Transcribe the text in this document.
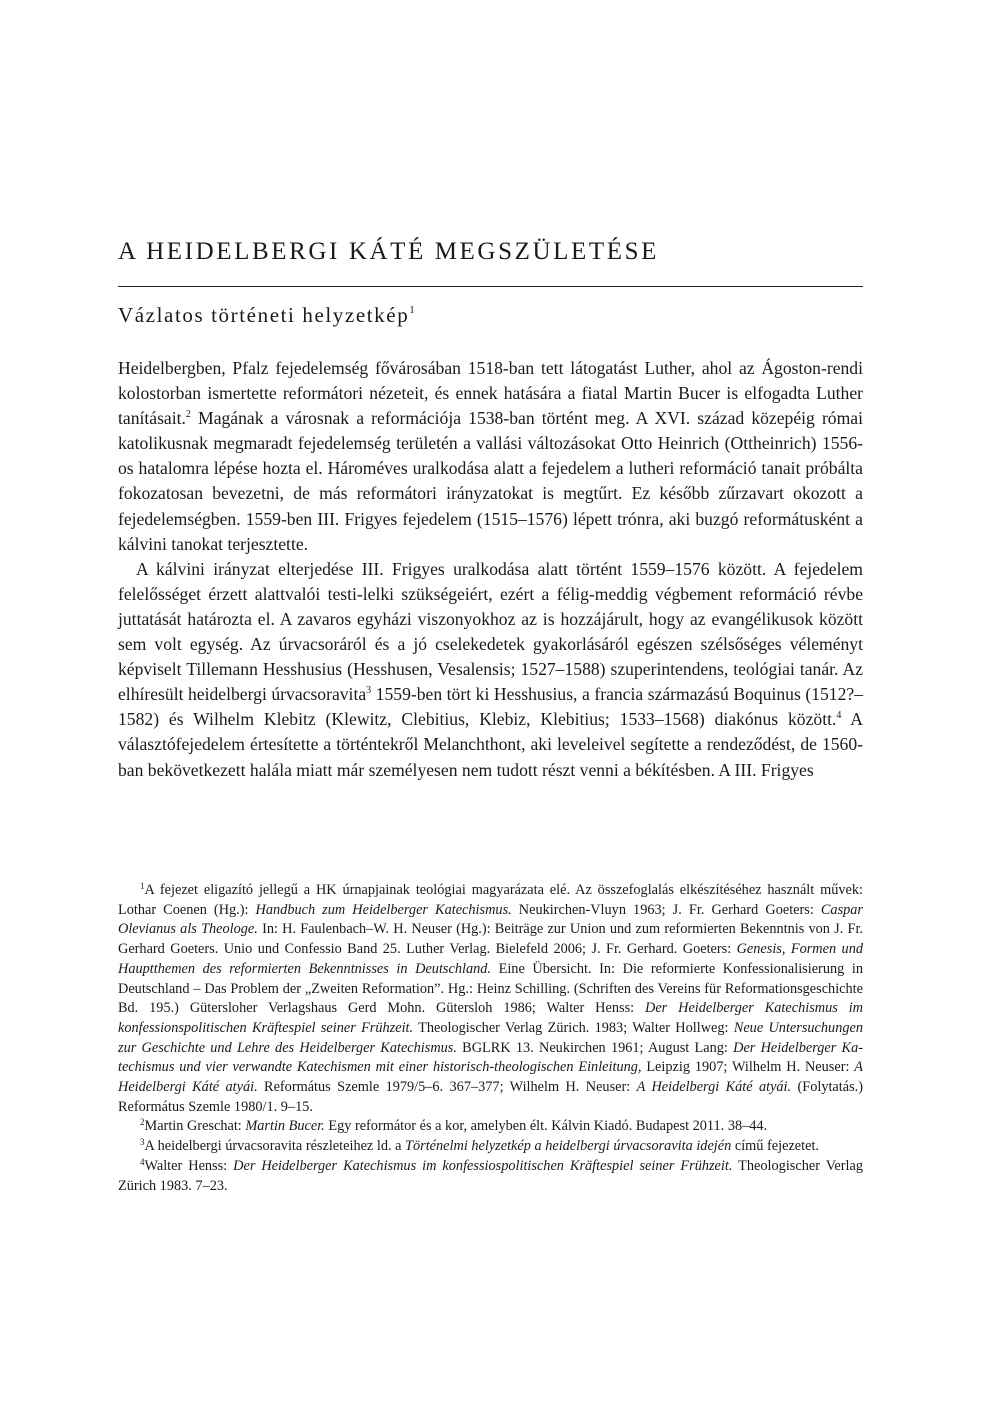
A HEIDELBERGI KÁTÉ MEGSZÜLETÉSE
Vázlatos történeti helyzetkép$^1$

Heidelbergben, Pfalz fejedelemség fővárosában 1518-ban tett látogatást Luther, ahol az Ágoston-rendi kolostorban ismertette reformátori nézeteit, és ennek hatására a fiatal Martin Bucer is elfogadta Luther tanításait.$^2$ Magának a városnak a reformációja 1538-ban történt meg. A XVI. század közepéig római katolikusnak megmaradt fejedelemség területén a vallási változásokat Otto Heinrich (Ottheinrich) 1556-os hatalomra lépése hozta el. Hároméves uralkodása alatt a fejedelem a lutheri reformáció tanait próbálta fokozatosan bevezetni, de más reformátori irányzatokat is megtűrt. Ez később zűrzavart okozott a fejedelemségben. 1559-ben III. Frigyes fejedelem (1515–1576) lépett trónra, aki buzgó reformátusként a kálvini tanokat terjesztette.

A kálvini irányzat elterjedése III. Frigyes uralkodása alatt történt 1559–1576 között. A fejedelem felelősséget érzett alattvalói testi-lelki szükségeiért, ezért a félig-meddig végbement reformáció révbe juttatását határozta el. A zavaros egyházi viszonyokhoz az is hozzájárult, hogy az evangélikusok között sem volt egység. Az úrvacsoráról és a jó cselekedetek gyakorlásáról egészen szélsőséges véleményt képviselt Tillemann Hesshusius (Hesshusen, Vesalensis; 1527–1588) szuperintendens, teológiai tanár. Az elhíresült heidelbergi úrvacsoravita$^3$ 1559-ben tört ki Hesshusius, a francia származású Boquinus (1512?–1582) és Wilhelm Klebitz (Klewitz, Clebitius, Klebiz, Klebitius; 1533–1568) diakónus között.$^4$ A választófejedelem értesítette a történtekről Melanchthont, aki leveleivel segítette a rendeződést, de 1560-ban bekövetkezett halála miatt már személyesen nem tudott részt venni a békítésben. A III. Frigyes

$^1$A fejezet eligazító jellegű a HK úrnapjainak teológiai magyarázata elé. Az összefoglalás elkészítéséhez használt művek: Lothar Coenen (Hg.): Handbuch zum Heidelberger Katechismus. Neukirchen-Vluyn 1963; J. Fr. Gerhard Goeters: Caspar Olevianus als Theologe. In: H. Faulenbach–W. H. Neuser (Hg.): Beiträge zur Union und zum reformierten Bekenntnis von J. Fr. Gerhard Goeters. Unio und Confessio Band 25. Luther Verlag. Bielefeld 2006; J. Fr. Gerhard. Goeters: Genesis, Formen und Hauptthemen des reformierten Bekenntnisses in Deutschland. Eine Übersicht. In: Die reformierte Konfessionalisierung in Deutschland – Das Problem der „Zweiten Reformation”. Hg.: Heinz Schilling. (Schriften des Vereins für Reformationsgeschichte Bd. 195.) Gütersloher Verlagshaus Gerd Mohn. Gütersloh 1986; Walter Henss: Der Heidelberger Katechismus im konfessionspolitischen Kräftespiel seiner Frühzeit. Theologischer Verlag Zürich. 1983; Walter Hollweg: Neue Untersuchungen zur Geschichte und Lehre des Heidelberger Katechismus. BGLRK 13. Neukirchen 1961; August Lang: Der Heidelberger Katechismus und vier verwandte Katechismen mit einer historisch-theologischen Einleitung, Leipzig 1907; Wilhelm H. Neuser: A Heidelbergi Káté atyái. Református Szemle 1979/5–6. 367–377; Wilhelm H. Neuser: A Heidelbergi Káté atyái. (Folytatás.) Református Szemle 1980/1. 9–15.

$^2$Martin Greschat: Martin Bucer. Egy reformátor és a kor, amelyben élt. Kálvin Kiadó. Budapest 2011. 38–44.

$^3$A heidelbergi úrvacsoravita részleteihez ld. a Történelmi helyzetkép a heidelbergi úrvacsoravita idején című fejezetet.

$^4$Walter Henss: Der Heidelberger Katechismus im konfessiospolitischen Kräftespiel seiner Frühzeit. Theologischer Verlag Zürich 1983. 7–23.
